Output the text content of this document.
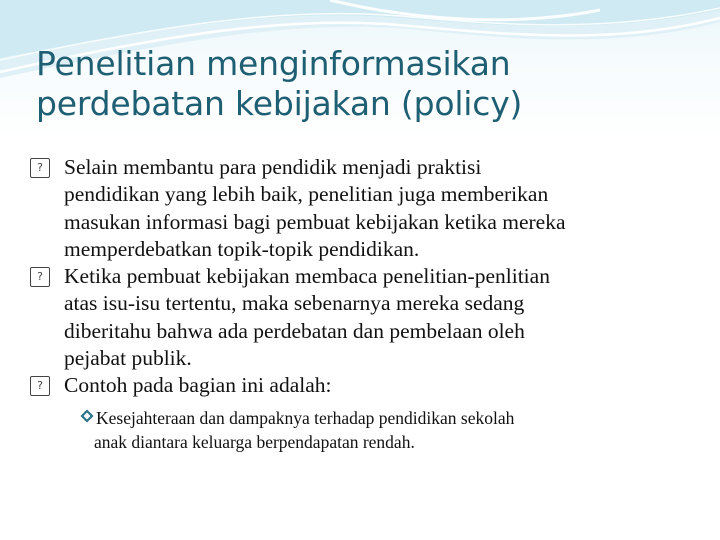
Penelitian menginformasikan
perdebatan kebijakan (policy)
? Selain membantu para pendidik menjadi praktisi
pendidikan yang lebih baik, penelitian juga memberikan
masukan informasi bagi pembuat kebijakan ketika mereka
memperdebatkan topik-topik pendidikan.
? Ketika pembuat kebijakan membaca penelitian-penlitian
atas isu-isu tertentu, maka sebenarnya mereka sedang
diberitahu bahwa ada perdebatan dan pembelaan oleh
pejabat publik.
? Contoh pada bagian ini adalah:
Kesejahteraan dan dampaknya terhadap pendidikan sekolah
anak diantara keluarga berpendapatan rendah.
